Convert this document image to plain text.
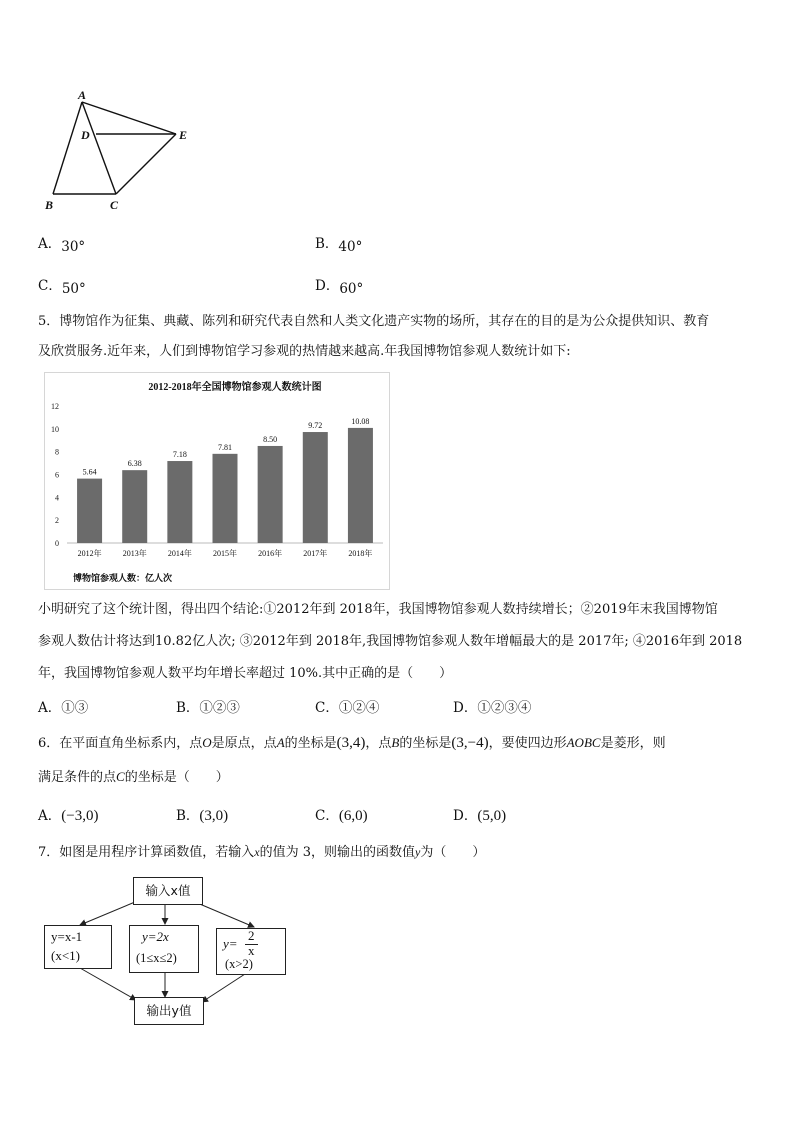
A
D	E
B	C
A．30°	B．40°
C．50°	D．60°
5．博物馆作为征集、典藏、陈列和研究代表自然和人类文化遗产实物的场所，其存在的目的是为公众提供知识、教育
及欣赏服务.近年来，人们到博物馆学习参观的热情越来越高.年我国博物馆参观人数统计如下:
2012-2018年全国博物馆参观人数统计图
0
2
4
6
8
10
12
5.64
2012年
6.38
2013年
7.18
2014年
7.81
2015年
8.50
2016年
9.72
2017年
10.08
2018年
博物馆参观人数：亿人次
小明研究了这个统计图，得出四个结论:①2012年到 2018年，我国博物馆参观人数持续增长；②2019年末我国博物馆
参观人数估计将达到10.82亿人次; ③2012年到 2018年,我国博物馆参观人数年增幅最大的是 2017年; ④2016年到 2018
年，我国博物馆参观人数平均年增长率超过 10%.其中正确的是（　　）
A．①③	B．①②③	C．①②④	D．①②③④
6．在平面直角坐标系内，点O是原点，点A的坐标是(3,4)，点B的坐标是(3,−4)，要使四边形AOBC是菱形，则
满足条件的点C的坐标是（　　）
A．(−3,0)	B．(3,0)	C．(6,0)	D．(5,0)
7．如图是用程序计算函数值，若输入x的值为 3，则输出的函数值y为（　　）
输入x值
y=x-1
(x<1)
y=2x
(1≤x≤2)
y=
2
x
(x>2)
输出y值
